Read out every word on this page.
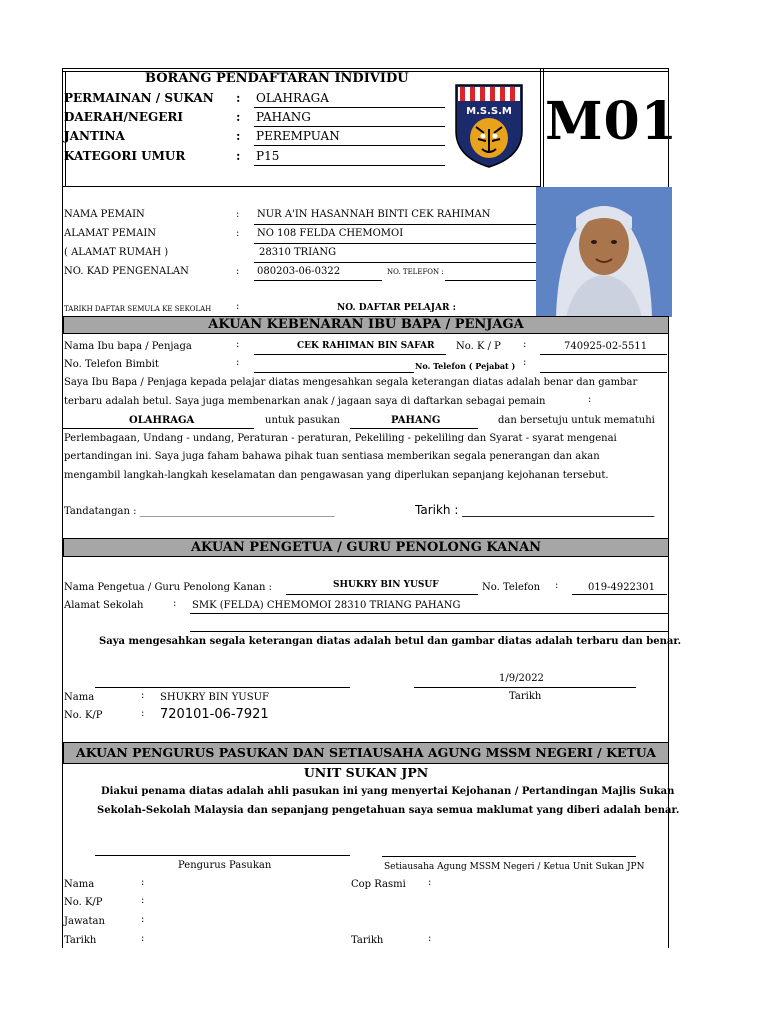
BORANG PENDAFTARAN INDIVIDU
PERMAINAN / SUKAN : OLAHRAGA
DAERAH/NEGERI	: PAHANG
JANTINA	: PEREMPUAN
KATEGORI UMUR	: P15
M.S.S.M M01
NAMA PEMAIN	: NUR A'IN HASANNAH BINTI CEK RAHIMAN
ALAMAT PEMAIN	: NO 108 FELDA CHEMOMOI
( ALAMAT RUMAH )	28310 TRIANG
NO. KAD PENGENALAN	: 080203-06-0322	NO. TELEFON :
TARIKH DAFTAR SEMULA KE SEKOLAH :	NO. DAFTAR PELAJAR :
AKUAN KEBENARAN IBU BAPA / PENJAGA
Nama Ibu bapa / Penjaga	:	CEK RAHIMAN BIN SAFAR No. K / P :	740925-02-5511
No. Telefon Bimbit	:	No. Telefon ( Pejabat ) :
Saya Ibu Bapa / Penjaga kepada pelajar diatas mengesahkan segala keterangan diatas adalah benar dan gambar
terbaru adalah betul. Saya juga membenarkan anak / jagaan saya di daftarkan sebagai pemain	:
OLAHRAGA	untuk pasukan	PAHANG	dan bersetuju untuk mematuhi
Perlembagaan, Undang - undang, Peraturan - peraturan, Pekeliling - pekeliling dan Syarat - syarat mengenai
pertandingan ini. Saya juga faham bahawa pihak tuan sentiasa memberikan segala penerangan dan akan
mengambil langkah-langkah keselamatan dan pengawasan yang diperlukan sepanjang kejohanan tersebut.
Tandatangan : _______________________________________	Tarikh : ________________________________
AKUAN PENGETUA / GURU PENOLONG KANAN
Nama Pengetua / Guru Penolong Kanan :	SHUKRY BIN YUSUF	No. Telefon :	019-4922301
Alamat Sekolah	: SMK (FELDA) CHEMOMOI 28310 TRIANG PAHANG
Saya mengesahkan segala keterangan diatas adalah betul dan gambar diatas adalah terbaru dan benar.
1/9/2022
Tarikh
Nama	: SHUKRY BIN YUSUF
No. K/P	: 720101-06-7921
AKUAN PENGURUS PASUKAN DAN SETIAUSAHA AGUNG MSSM NEGERI / KETUA UNIT SUKAN JPN
Diakui penama diatas adalah ahli pasukan ini yang menyertai Kejohanan / Pertandingan Majlis Sukan
Sekolah-Sekolah Malaysia dan sepanjang pengetahuan saya semua maklumat yang diberi adalah benar.
Pengurus Pasukan	Setiausaha Agung MSSM Negeri / Ketua Unit Sukan JPN
Nama	:
No. K/P	:
Jawatan	:
Tarikh	:
Cop Rasmi :
Tarikh	:
